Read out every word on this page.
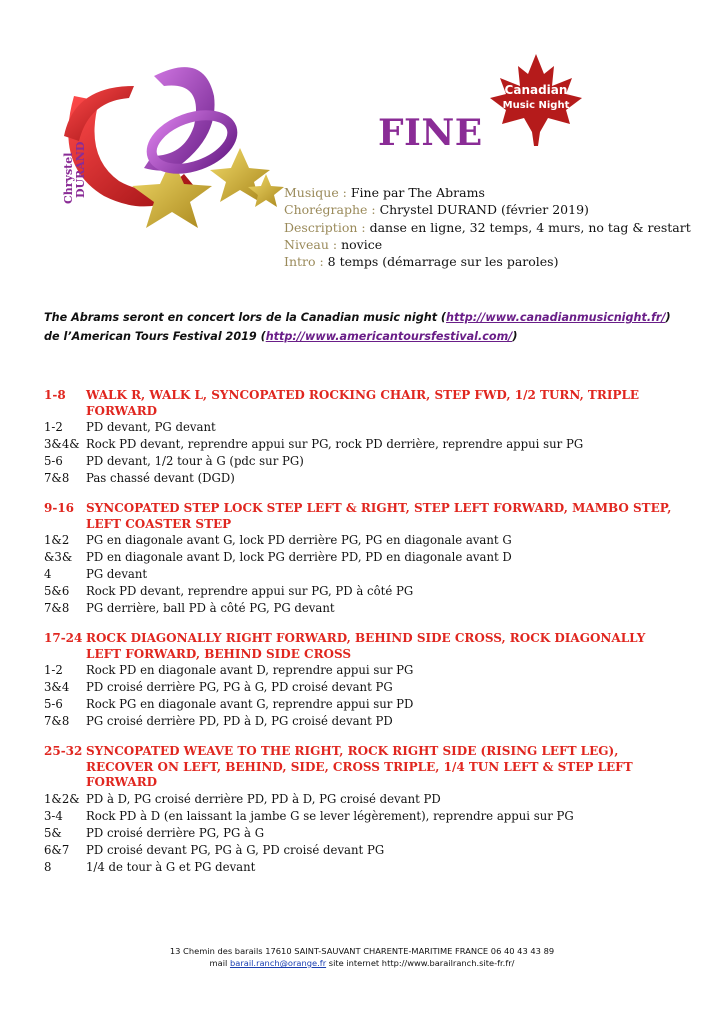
Chrystel DURAND
Canadian
Music Night
FINE
Musique : Fine par The Abrams
Chorégraphe : Chrystel DURAND (février 2019)
Description : danse en ligne, 32 temps, 4 murs, no tag & restart
Niveau : novice
Intro : 8 temps (démarrage sur les paroles)
The Abrams seront en concert lors de la Canadian music night (http://www.canadianmusicnight.fr/)
de l’American Tours Festival 2019 (http://www.americantoursfestival.com/)
1-8	WALK R, WALK L, SYNCOPATED ROCKING CHAIR, STEP FWD, 1/2 TURN, TRIPLE FORWARD
1-2	PD devant, PG devant
3&4& Rock PD devant, reprendre appui sur PG, rock PD derrière, reprendre appui sur PG
5-6	PD devant, 1/2 tour à G (pdc sur PG)
7&8	Pas chassé devant (DGD)
9-16 SYNCOPATED STEP LOCK STEP LEFT & RIGHT, STEP LEFT FORWARD, MAMBO STEP, LEFT COASTER STEP
1&2	PG en diagonale avant G, lock PD derrière PG, PG en diagonale avant G
&3&	PD en diagonale avant D, lock PG derrière PD, PD en diagonale avant D
4	PG devant
5&6	Rock PD devant, reprendre appui sur PG, PD à côté PG
7&8	PG derrière, ball PD à côté PG, PG devant
17-24 ROCK DIAGONALLY RIGHT FORWARD, BEHIND SIDE CROSS, ROCK DIAGONALLY LEFT FORWARD, BEHIND SIDE CROSS
1-2	Rock PD en diagonale avant D, reprendre appui sur PG
3&4	PD croisé derrière PG, PG à G, PD croisé devant PG
5-6	Rock PG en diagonale avant G, reprendre appui sur PD
7&8	PG croisé derrière PD, PD à D, PG croisé devant PD
25-32 SYNCOPATED WEAVE TO THE RIGHT, ROCK RIGHT SIDE (RISING LEFT LEG), RECOVER ON LEFT, BEHIND, SIDE, CROSS TRIPLE, 1/4 TUN LEFT & STEP LEFT FORWARD
1&2& PD à D, PG croisé derrière PD, PD à D, PG croisé devant PD
3-4	Rock PD à D (en laissant la jambe G se lever légèrement), reprendre appui sur PG
5&	PD croisé derrière PG, PG à G
6&7	PD croisé devant PG, PG à G, PD croisé devant PG
8	1/4 de tour à G et PG devant
13 Chemin des barails 17610 SAINT-SAUVANT CHARENTE-MARITIME FRANCE 06 40 43 43 89
mail barail.ranch@orange.fr site internet http://www.barailranch.site-fr.fr/
